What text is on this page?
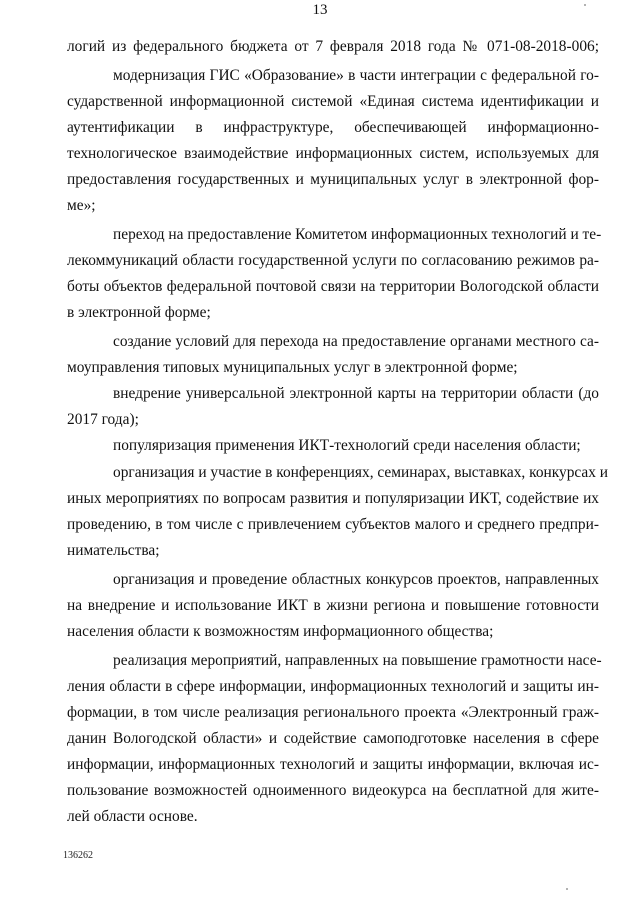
13
логий из федерального бюджета от 7 февраля 2018 года № 071-08-2018-006;
модернизация ГИС «Образование» в части интеграции с федеральной го-
сударственной информационной системой «Единая система идентификации и
аутентификации в инфраструктуре, обеспечивающей информационно-
технологическое взаимодействие информационных систем, используемых для
предоставления государственных и муниципальных услуг в электронной фор-
ме»;
переход на предоставление Комитетом информационных технологий и те-
лекоммуникаций области государственной услуги по согласованию режимов ра-
боты объектов федеральной почтовой связи на территории Вологодской области
в электронной форме;
создание условий для перехода на предоставление органами местного са-
моуправления типовых муниципальных услуг в электронной форме;
внедрение универсальной электронной карты на территории области (до
2017 года);
популяризация применения ИКТ-технологий среди населения области;
организация и участие в конференциях, семинарах, выставках, конкурсах и
иных мероприятиях по вопросам развития и популяризации ИКТ, содействие их
проведению, в том числе с привлечением субъектов малого и среднего предпри-
нимательства;
организация и проведение областных конкурсов проектов, направленных
на внедрение и использование ИКТ в жизни региона и повышение готовности
населения области к возможностям информационного общества;
реализация мероприятий, направленных на повышение грамотности насе-
ления области в сфере информации, информационных технологий и защиты ин-
формации, в том числе реализация регионального проекта «Электронный граж-
данин Вологодской области» и содействие самоподготовке населения в сфере
информации, информационных технологий и защиты информации, включая ис-
пользование возможностей одноименного видеокурса на бесплатной для жите-
лей области основе.
136262
